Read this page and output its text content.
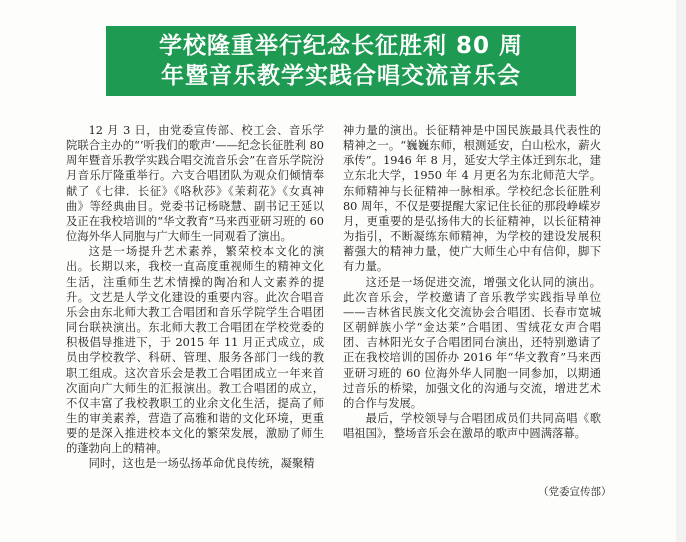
学校隆重举行纪念长征胜利 80 周
年暨音乐教学实践合唱交流音乐会

12 月 3 日，由党委宣传部、校工会、音乐学院联合主办的“‘听我们的歌声’——纪念长征胜利 80 周年暨音乐教学实践合唱交流音乐会”在音乐学院汾月音乐厅隆重举行。六支合唱团队为观众们倾情奉献了《七律．长征》《咯秋莎》《茉莉花》《女真神曲》等经典曲目。党委书记杨晓慧、副书记王延以及正在我校培训的“华文教育”马来西亚研习班的 60 位海外华人同胞与广大师生一同观看了演出。

这是一场提升艺术素养，繁荣校本文化的演出。长期以来，我校一直高度重视师生的精神文化生活，注重师生艺术情操的陶冶和人文素养的提升。文艺是人学文化建设的重要内容。此次合唱音乐会由东北师大教工合唱团和音乐学院学生合唱团同台联袂演出。东北师大教工合唱团在学校党委的积极倡导推进下，于 2015 年 11 月正式成立，成员由学校教学、科研、管理、服务各部门一线的教职工组成。这次音乐会是教工合唱团成立一年来首次面向广大师生的汇报演出。教工合唱团的成立，不仅丰富了我校教职工的业余文化生活，提高了师生的审美素养，营造了高雅和谐的文化环境，更重要的是深入推进校本文化的繁荣发展，激励了师生的蓬勃向上的精神。

同时，这也是一场弘扬革命优良传统，凝聚精

神力量的演出。长征精神是中国民族最具代表性的精神之一。“巍巍东师，根测延安，白山松水，薪火承传”。1946 年 8 月，延安大学主体迁到东北，建立东北大学，1950 年 4 月更名为东北师范大学。东师精神与长征精神一脉相承。学校纪念长征胜利 80 周年，不仅是要提醒大家记住长征的那段峥嵘岁月，更重要的是弘扬伟大的长征精神，以长征精神为指引，不断凝练东师精神，为学校的建设发展积蓄强大的精神力量，使广大师生心中有信仰，脚下有力量。

这还是一场促进交流，增强文化认同的演出。此次音乐会，学校邀请了音乐教学实践指导单位——吉林省民族文化交流协会合唱团、长春市宽城区朝鲜族小学“金达莱”合唱团、雪绒花女声合唱团、吉林阳光女子合唱团同台演出，还特别邀请了正在我校培训的国侨办 2016 年“华文教育”马来西亚研习班的 60 位海外华人同胞一同参加，以期通过音乐的桥梁，加强文化的沟通与交流，增进艺术的合作与发展。

最后，学校领导与合唱团成员们共同高唱《歌唱祖国》，整场音乐会在激昂的歌声中圆满落幕。

（党委宣传部）
